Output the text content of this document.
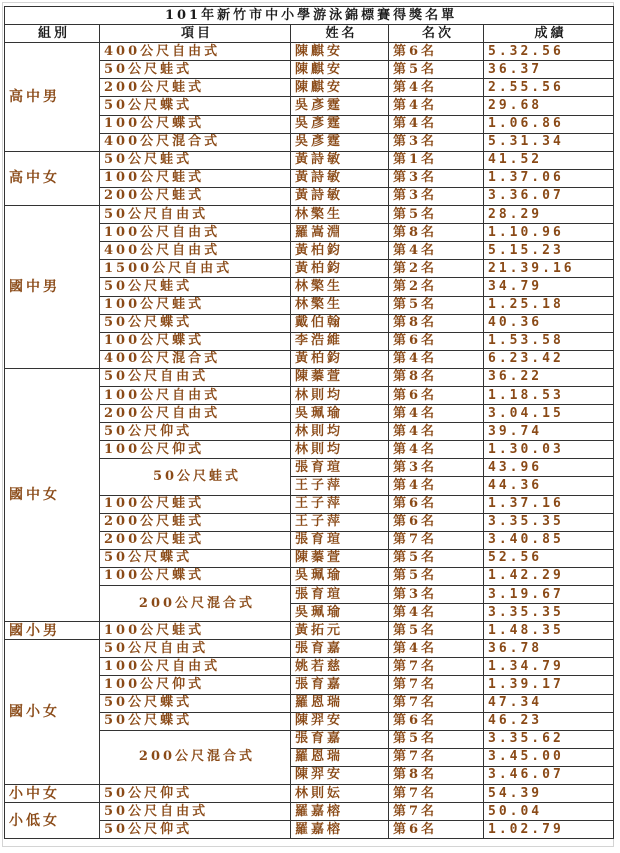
101年新竹市中小學游泳錦標賽得獎名單				
組別	項目	姓名	名次	成績
高中男	400公尺自由式	陳麒安	第6名	5.32.56
	50公尺蛙式	陳麒安	第5名	36.37
	200公尺蛙式	陳麒安	第4名	2.55.56
	50公尺蝶式	吳彥霆	第4名	29.68
	100公尺蝶式	吳彥霆	第4名	1.06.86
	400公尺混合式	吳彥霆	第3名	5.31.34
高中女	50公尺蛙式	黃詩敏	第1名	41.52
	100公尺蛙式	黃詩敏	第3名	1.37.06
	200公尺蛙式	黃詩敏	第3名	3.36.07
國中男	50公尺自由式	林檠生	第5名	28.29
	100公尺自由式	羅嵩淵	第8名	1.10.96
	400公尺自由式	黃柏鈞	第4名	5.15.23
	1500公尺自由式	黃柏鈞	第2名	21.39.16
	50公尺蛙式	林檠生	第2名	34.79
	100公尺蛙式	林檠生	第5名	1.25.18
	50公尺蝶式	戴伯翰	第8名	40.36
	100公尺蝶式	李浩維	第6名	1.53.58
	400公尺混合式	黃柏鈞	第4名	6.23.42
國中女	50公尺自由式	陳蓁萱	第8名	36.22
	100公尺自由式	林則均	第6名	1.18.53
	200公尺自由式	吳珮瑜	第4名	3.04.15
	50公尺仰式	林則均	第4名	39.74
	100公尺仰式	林則均	第4名	1.30.03
	50公尺蛙式	張育瑄	第3名	43.96
		王子萍	第4名	44.36
	100公尺蛙式	王子萍	第6名	1.37.16
	200公尺蛙式	王子萍	第6名	3.35.35
	200公尺蛙式	張育瑄	第7名	3.40.85
	50公尺蝶式	陳蓁萱	第5名	52.56
	100公尺蝶式	吳珮瑜	第5名	1.42.29
	200公尺混合式	張育瑄	第3名	3.19.67
		吳珮瑜	第4名	3.35.35
國小男	100公尺蛙式	黃拓元	第5名	1.48.35
國小女	50公尺自由式	張育嘉	第4名	36.78
	100公尺自由式	姚若慈	第7名	1.34.79
	100公尺仰式	張育嘉	第7名	1.39.17
	50公尺蝶式	羅恩瑞	第7名	47.34
	50公尺蝶式	陳羿安	第6名	46.23
	200公尺混合式	張育嘉	第5名	3.35.62
		羅恩瑞	第7名	3.45.00
		陳羿安	第8名	3.46.07
小中女	50公尺仰式	林則妘	第7名	54.39
小低女	50公尺自由式	羅嘉榕	第7名	50.04
	50公尺仰式	羅嘉榕	第6名	1.02.79
